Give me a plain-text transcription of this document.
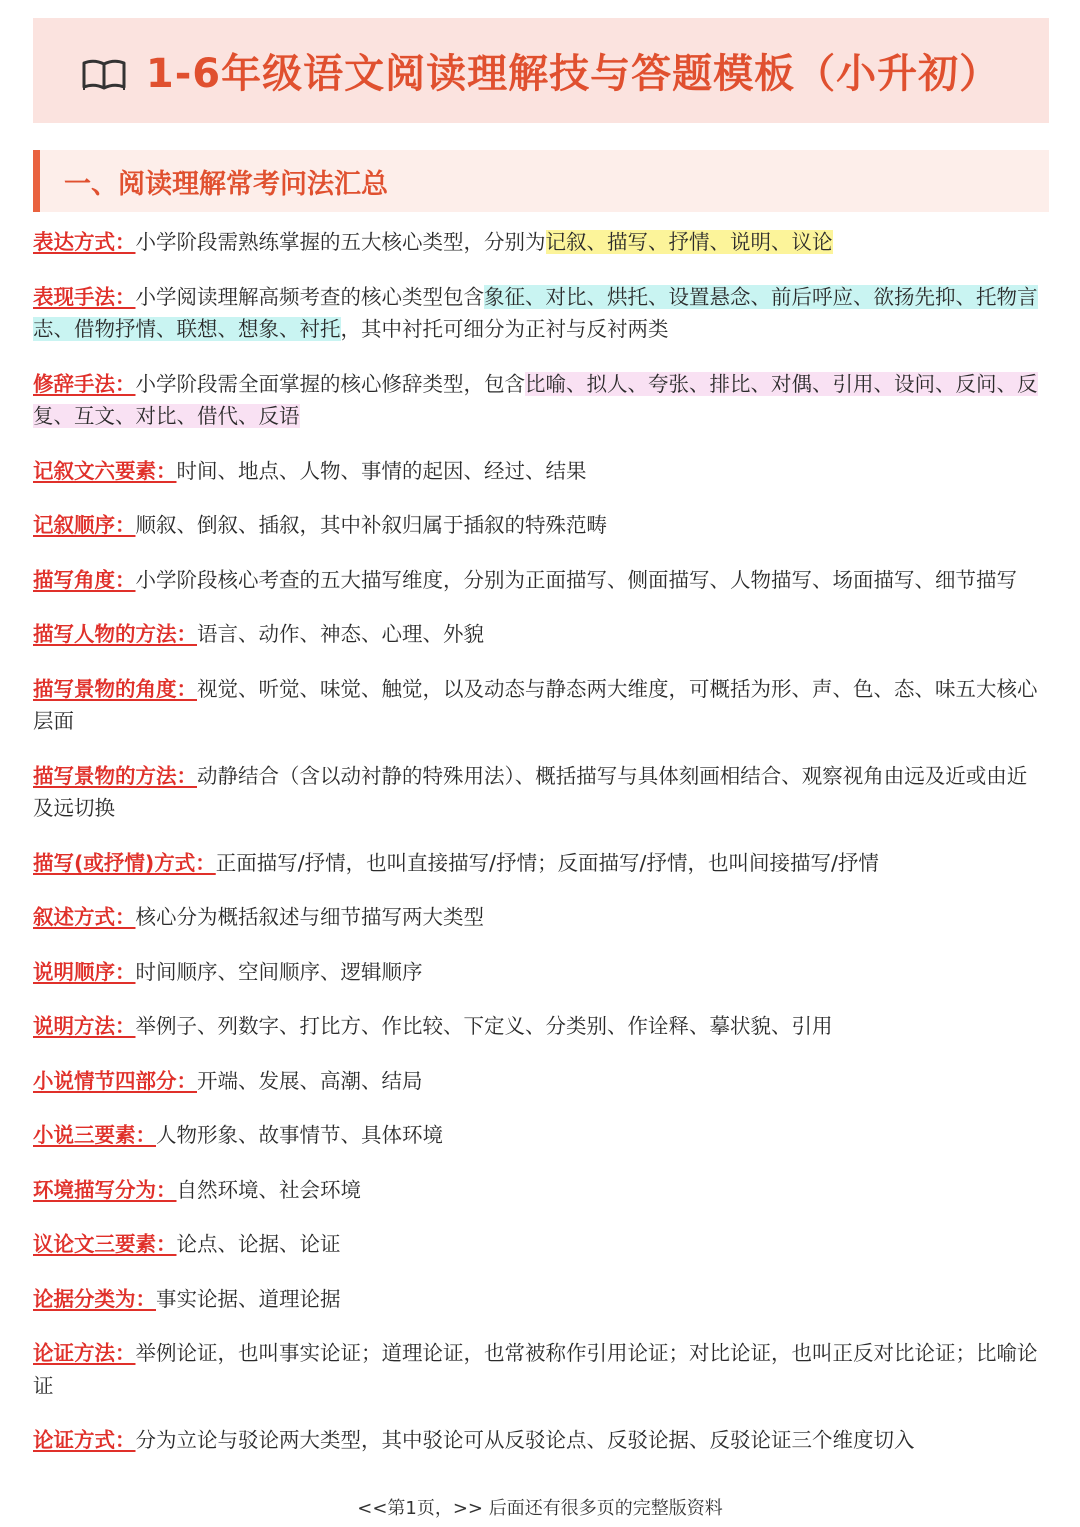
1-6年级语文阅读理解技与答题模板（小升初）
一、阅读理解常考问法汇总

表达方式：小学阶段需熟练掌握的五大核心类型，分别为记叙、描写、抒情、说明、议论

表现手法：小学阅读理解高频考查的核心类型包含象征、对比、烘托、设置悬念、前后呼应、欲扬先抑、托物言志、借物抒情、联想、想象、衬托，其中衬托可细分为正衬与反衬两类

修辞手法：小学阶段需全面掌握的核心修辞类型，包含比喻、拟人、夸张、排比、对偶、引用、设问、反问、反复、互文、对比、借代、反语

记叙文六要素：时间、地点、人物、事情的起因、经过、结果

记叙顺序：顺叙、倒叙、插叙，其中补叙归属于插叙的特殊范畴

描写角度：小学阶段核心考查的五大描写维度，分别为正面描写、侧面描写、人物描写、场面描写、细节描写

描写人物的方法：语言、动作、神态、心理、外貌

描写景物的角度：视觉、听觉、味觉、触觉，以及动态与静态两大维度，可概括为形、声、色、态、味五大核心层面

描写景物的方法：动静结合（含以动衬静的特殊用法）、概括描写与具体刻画相结合、观察视角由远及近或由近及远切换

描写(或抒情)方式：正面描写/抒情，也叫直接描写/抒情；反面描写/抒情，也叫间接描写/抒情

叙述方式：核心分为概括叙述与细节描写两大类型

说明顺序：时间顺序、空间顺序、逻辑顺序

说明方法：举例子、列数字、打比方、作比较、下定义、分类别、作诠释、摹状貌、引用

小说情节四部分：开端、发展、高潮、结局

小说三要素：人物形象、故事情节、具体环境

环境描写分为：自然环境、社会环境

议论文三要素：论点、论据、论证

论据分类为：事实论据、道理论据

论证方法：举例论证，也叫事实论证；道理论证，也常被称作引用论证；对比论证，也叫正反对比论证；比喻论证

论证方式：分为立论与驳论两大类型，其中驳论可从反驳论点、反驳论据、反驳论证三个维度切入

<<第1页，>> 后面还有很多页的完整版资料
